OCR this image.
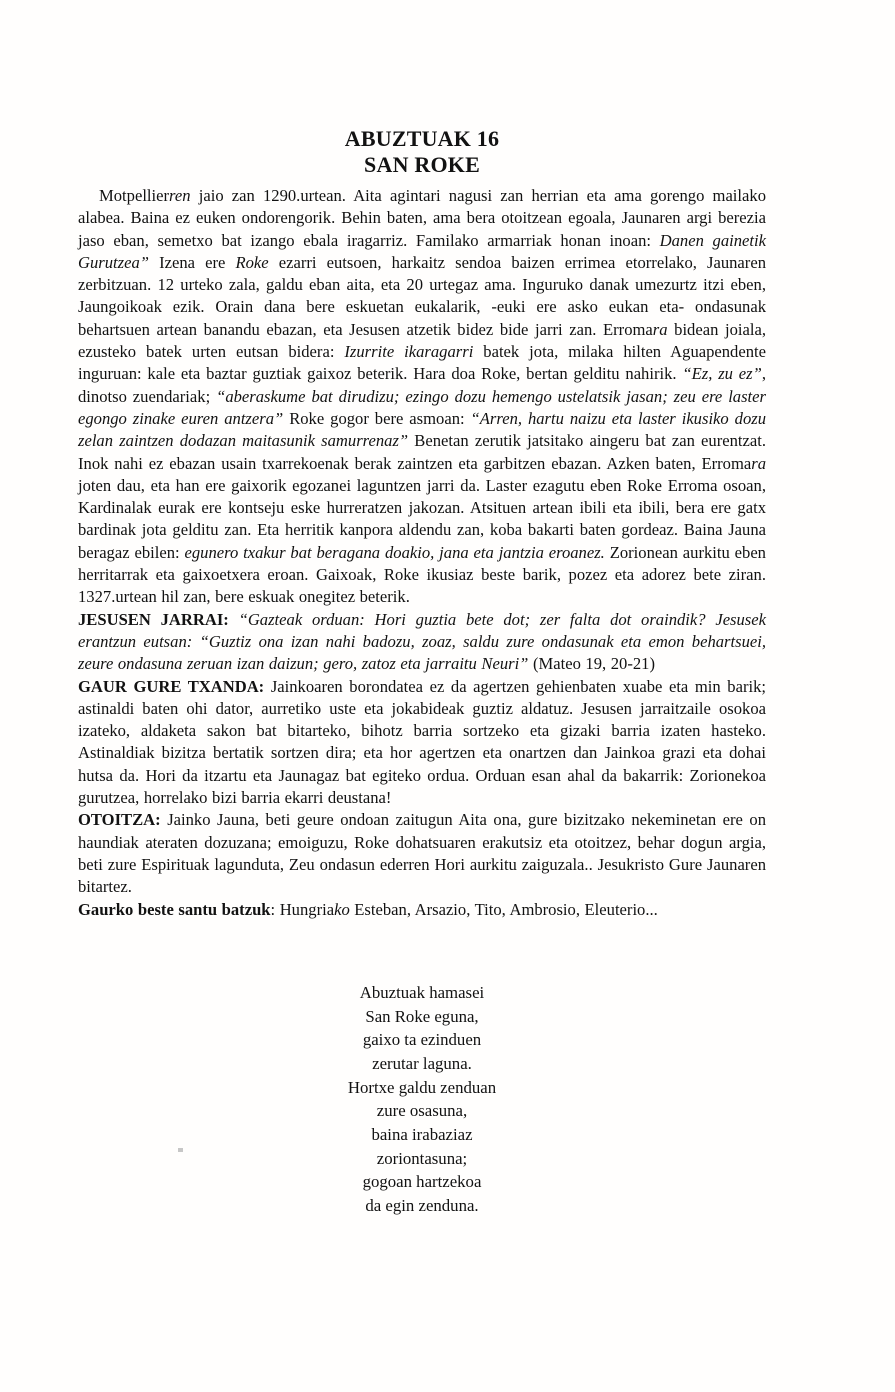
ABUZTUAK 16
SAN ROKE

Motpellierren jaio zan 1290.urtean. Aita agintari nagusi zan herrian eta ama gorengo mailako alabea. Baina ez euken ondorengorik. Behin baten, ama bera otoitzean egoala, Jaunaren argi berezia jaso eban, semetxo bat izango ebala iragarriz. Familako armarriak honan inoan: Danen gainetik Gurutzea” Izena ere Roke ezarri eutsoen, harkaitz sendoa baizen errimea etorrelako, Jaunaren zerbitzuan. 12 urteko zala, galdu eban aita, eta 20 urtegaz ama. Inguruko danak umezurtz itzi eben, Jaungoikoak ezik. Orain dana bere eskuetan eukalarik, -euki ere asko eukan eta- ondasunak behartsuen artean banandu ebazan, eta Jesusen atzetik bidez bide jarri zan. Erromara bidean joiala, ezusteko batek urten eutsan bidera: Izurrite ikaragarri batek jota, milaka hilten Aguapendente inguruan: kale eta baztar guztiak gaixoz beterik. Hara doa Roke, bertan gelditu nahirik. “Ez, zu ez”, dinotso zuendariak; “aberaskume bat dirudizu; ezingo dozu hemengo ustelatsik jasan; zeu ere laster egongo zinake euren antzera” Roke gogor bere asmoan: “Arren, hartu naizu eta laster ikusiko dozu zelan zaintzen dodazan maitasunik samurrenaz” Benetan zerutik jatsitako aingeru bat zan eurentzat. Inok nahi ez ebazan usain txarrekoenak berak zaintzen eta garbitzen ebazan. Azken baten, Erromara joten dau, eta han ere gaixorik egozanei laguntzen jarri da. Laster ezagutu eben Roke Erroma osoan, Kardinalak eurak ere kontseju eske hurreratzen jakozan. Atsituen artean ibili eta ibili, bera ere gatx bardinak jota gelditu zan. Eta herritik kanpora aldendu zan, koba bakarti baten gordeaz. Baina Jauna beragaz ebilen: egunero txakur bat beragana doakio, jana eta jantzia eroanez. Zorionean aurkitu eben herritarrak eta gaixoetxera eroan. Gaixoak, Roke ikusiaz beste barik, pozez eta adorez bete ziran. 1327.urtean hil zan, bere eskuak onegitez beterik.

JESUSEN JARRAI: “Gazteak orduan: Hori guztia bete dot; zer falta dot oraindik? Jesusek erantzun eutsan: “Guztiz ona izan nahi badozu, zoaz, saldu zure ondasunak eta emon behartsuei, zeure ondasuna zeruan izan daizun; gero, zatoz eta jarraitu Neuri” (Mateo 19, 20-21)

GAUR GURE TXANDA: Jainkoaren borondatea ez da agertzen gehienbaten xuabe eta min barik; astinaldi baten ohi dator, aurretiko uste eta jokabideak guztiz aldatuz. Jesusen jarraitzaile osokoa izateko, aldaketa sakon bat bitarteko, bihotz barria sortzeko eta gizaki barria izaten hasteko. Astinaldiak bizitza bertatik sortzen dira; eta hor agertzen eta onartzen dan Jainkoa grazi eta dohai hutsa da. Hori da itzartu eta Jaunagaz bat egiteko ordua. Orduan esan ahal da bakarrik: Zorionekoa gurutzea, horrelako bizi barria ekarri deustana!

OTOITZA: Jainko Jauna, beti geure ondoan zaitugun Aita ona, gure bizitzako nekeminetan ere on haundiak ateraten dozuzana; emoiguzu, Roke dohatsuaren erakutsiz eta otoitzez, behar dogun argia, beti zure Espirituak lagunduta, Zeu ondasun ederren Hori aurkitu zaiguzala.. Jesukristo Gure Jaunaren bitartez.

Gaurko beste santu batzuk: Hungriako Esteban, Arsazio, Tito, Ambrosio, Eleuterio...

Abuztuak hamasei
San Roke eguna,
gaixo ta ezinduen
zerutar laguna.
Hortxe galdu zenduan
zure osasuna,
baina irabaziaz
zoriontasuna;
gogoan hartzekoa
da egin zenduna.
